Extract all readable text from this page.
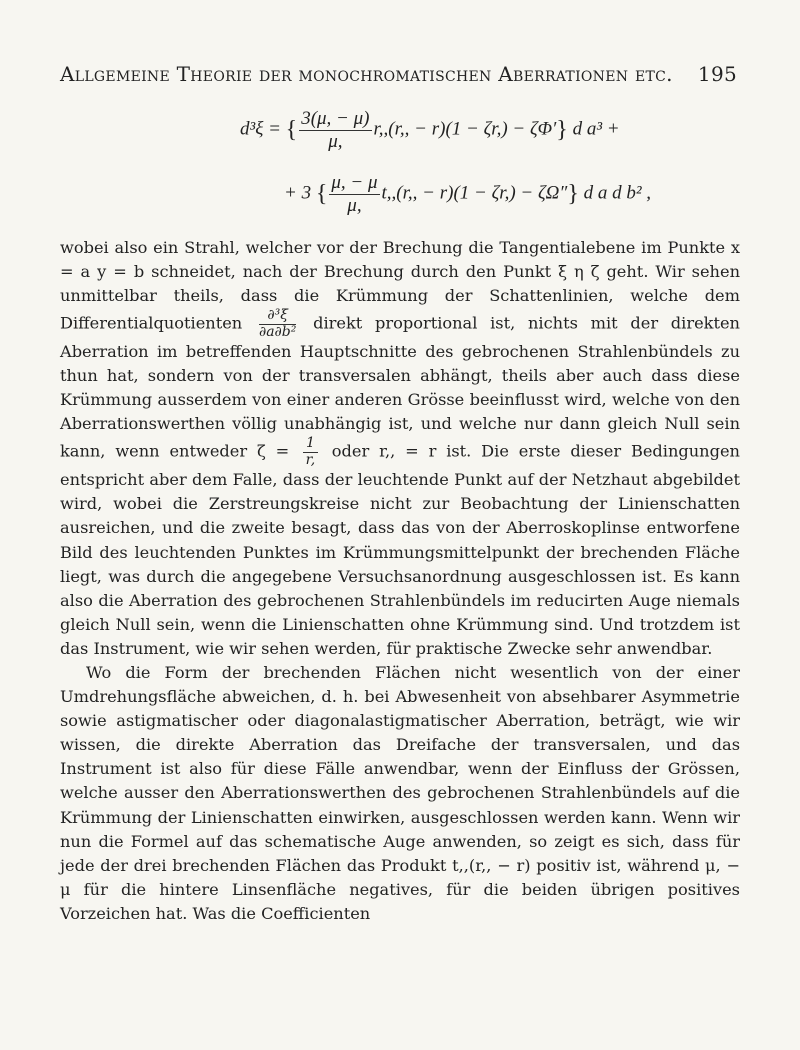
Allgemeine Theorie der monochromatischen Aberrationen etc. 195
d³ξ = { $\frac{3(\mu, - \mu)}{\mu,} r,,(r$,, − r)(1 − ζr,) − ζΦ′} d a³ +
+ 3 { $\frac{\mu, - \mu}{\mu,} t,,(r$,, − r)(1 − ζr,) − ζΩ″} d a d b² ,

wobei also ein Strahl, welcher vor der Brechung die Tangentialebene im Punkte x = a y = b schneidet, nach der Brechung durch den Punkt ξ η ζ geht. Wir sehen unmittelbar theils, dass die Krümmung der Schattenlinien, welche dem Differentialquotienten $\frac{\text{∂³ξ}}{\text{∂a∂b²}}$ direkt proportional ist, nichts mit der direkten Aberration im betreffenden Hauptschnitte des gebrochenen Strahlenbündels zu thun hat, sondern von der transversalen abhängt, theils aber auch dass diese Krümmung ausserdem von einer anderen Grösse beeinflusst wird, welche von den Aberrationswerthen völlig unabhängig ist, und welche nur dann gleich Null sein kann, wenn entweder $\zeta = \frac{1}{r,}$ oder r,, = r ist. Die erste dieser Bedingungen entspricht aber dem Falle, dass der leuchtende Punkt auf der Netzhaut abgebildet wird, wobei die Zerstreungskreise nicht zur Beobachtung der Linienschatten ausreichen, und die zweite besagt, dass das von der Aberroskoplinse entworfene Bild des leuchtenden Punktes im Krümmungsmittelpunkt der brechenden Fläche liegt, was durch die angegebene Versuchsanordnung ausgeschlossen ist. Es kann also die Aberration des gebrochenen Strahlenbündels im reducirten Auge niemals gleich Null sein, wenn die Linienschatten ohne Krümmung sind. Und trotzdem ist das Instrument, wie wir sehen werden, für praktische Zwecke sehr anwendbar.

Wo die Form der brechenden Flächen nicht wesentlich von der einer Umdrehungsfläche abweichen, d. h. bei Abwesenheit von absehbarer Asymmetrie sowie astigmatischer oder diagonalastigmatischer Aberration, beträgt, wie wir wissen, die direkte Aberration das Dreifache der transversalen, und das Instrument ist also für diese Fälle anwendbar, wenn der Einfluss der Grössen, welche ausser den Aberrationswerthen des gebrochenen Strahlenbündels auf die Krümmung der Linienschatten einwirken, ausgeschlossen werden kann. Wenn wir nun die Formel auf das schematische Auge anwenden, so zeigt es sich, dass für jede der drei brechenden Flächen das Produkt t,,(r,, − r) positiv ist, während μ, − μ für die hintere Linsenfläche negatives, für die beiden übrigen positives Vorzeichen hat. Was die Coefficienten
